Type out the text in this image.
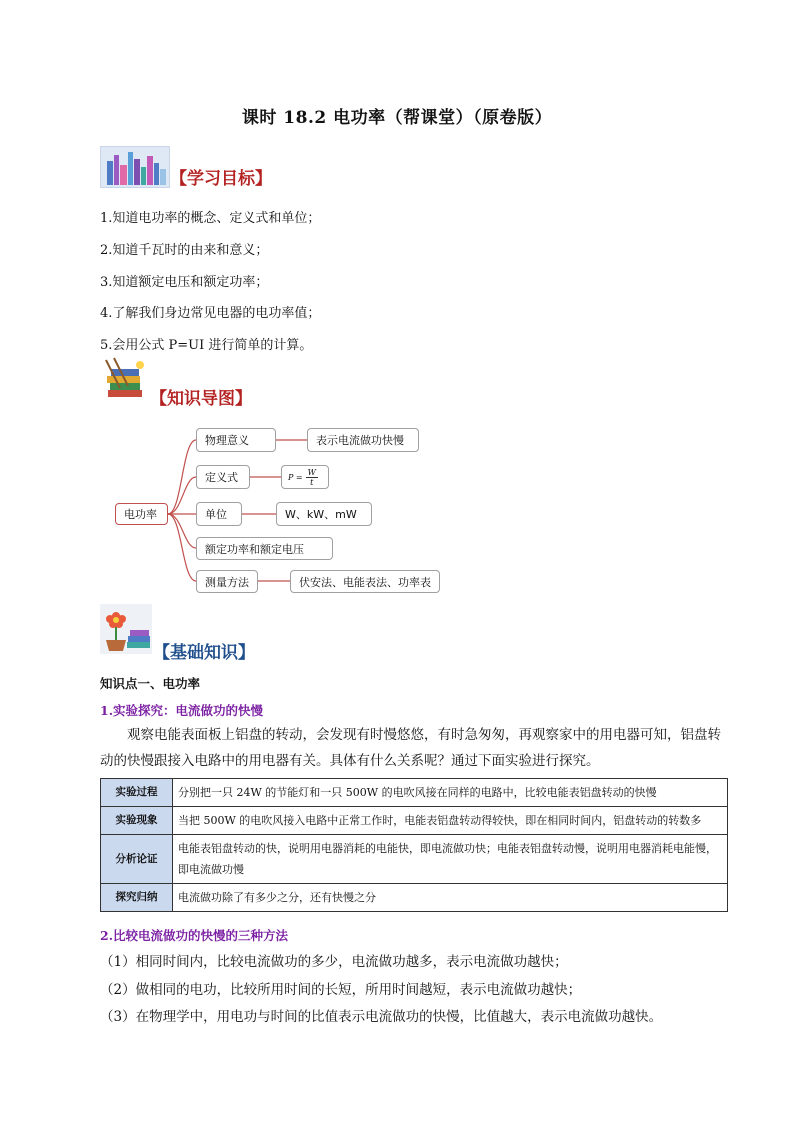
课时 18.2 电功率（帮课堂）（原卷版）
【学习目标】
1.知道电功率的概念、定义式和单位；
2.知道千瓦时的由来和意义；
3.知道额定电压和额定功率；
4.了解我们身边常见电器的电功率值；
5.会用公式 P=UI 进行简单的计算。
【知识导图】
电功率
物理意义	表示电流做功快慢
定义式	$P = \frac{W}{t}$
单位	W、kW、mW
额定功率和额定电压
测量方法	伏安法、电能表法、功率表
【基础知识】
知识点一、电功率
1.实验探究：电流做功的快慢
观察电能表面板上铝盘的转动，会发现有时慢悠悠，有时急匆匆，再观察家中的用电器可知，铝盘转动的快慢跟接入电路中的用电器有关。具体有什么关系呢？通过下面实验进行探究。
实验过程	分别把一只 24W 的节能灯和一只 500W 的电吹风接在同样的电路中，比较电能表铝盘转动的快慢
实验现象	当把 500W 的电吹风接入电路中正常工作时，电能表铝盘转动得较快，即在相同时间内，铝盘转动的转数多
分析论证	电能表铝盘转动的快，说明用电器消耗的电能快，即电流做功快；电能表铝盘转动慢，说明用电器消耗电能慢，即电流做功慢
探究归纳	电流做功除了有多少之分，还有快慢之分
2.比较电流做功的快慢的三种方法
（1）相同时间内，比较电流做功的多少，电流做功越多，表示电流做功越快；
（2）做相同的电功，比较所用时间的长短，所用时间越短，表示电流做功越快；
（3）在物理学中，用电功与时间的比值表示电流做功的快慢，比值越大，表示电流做功越快。
